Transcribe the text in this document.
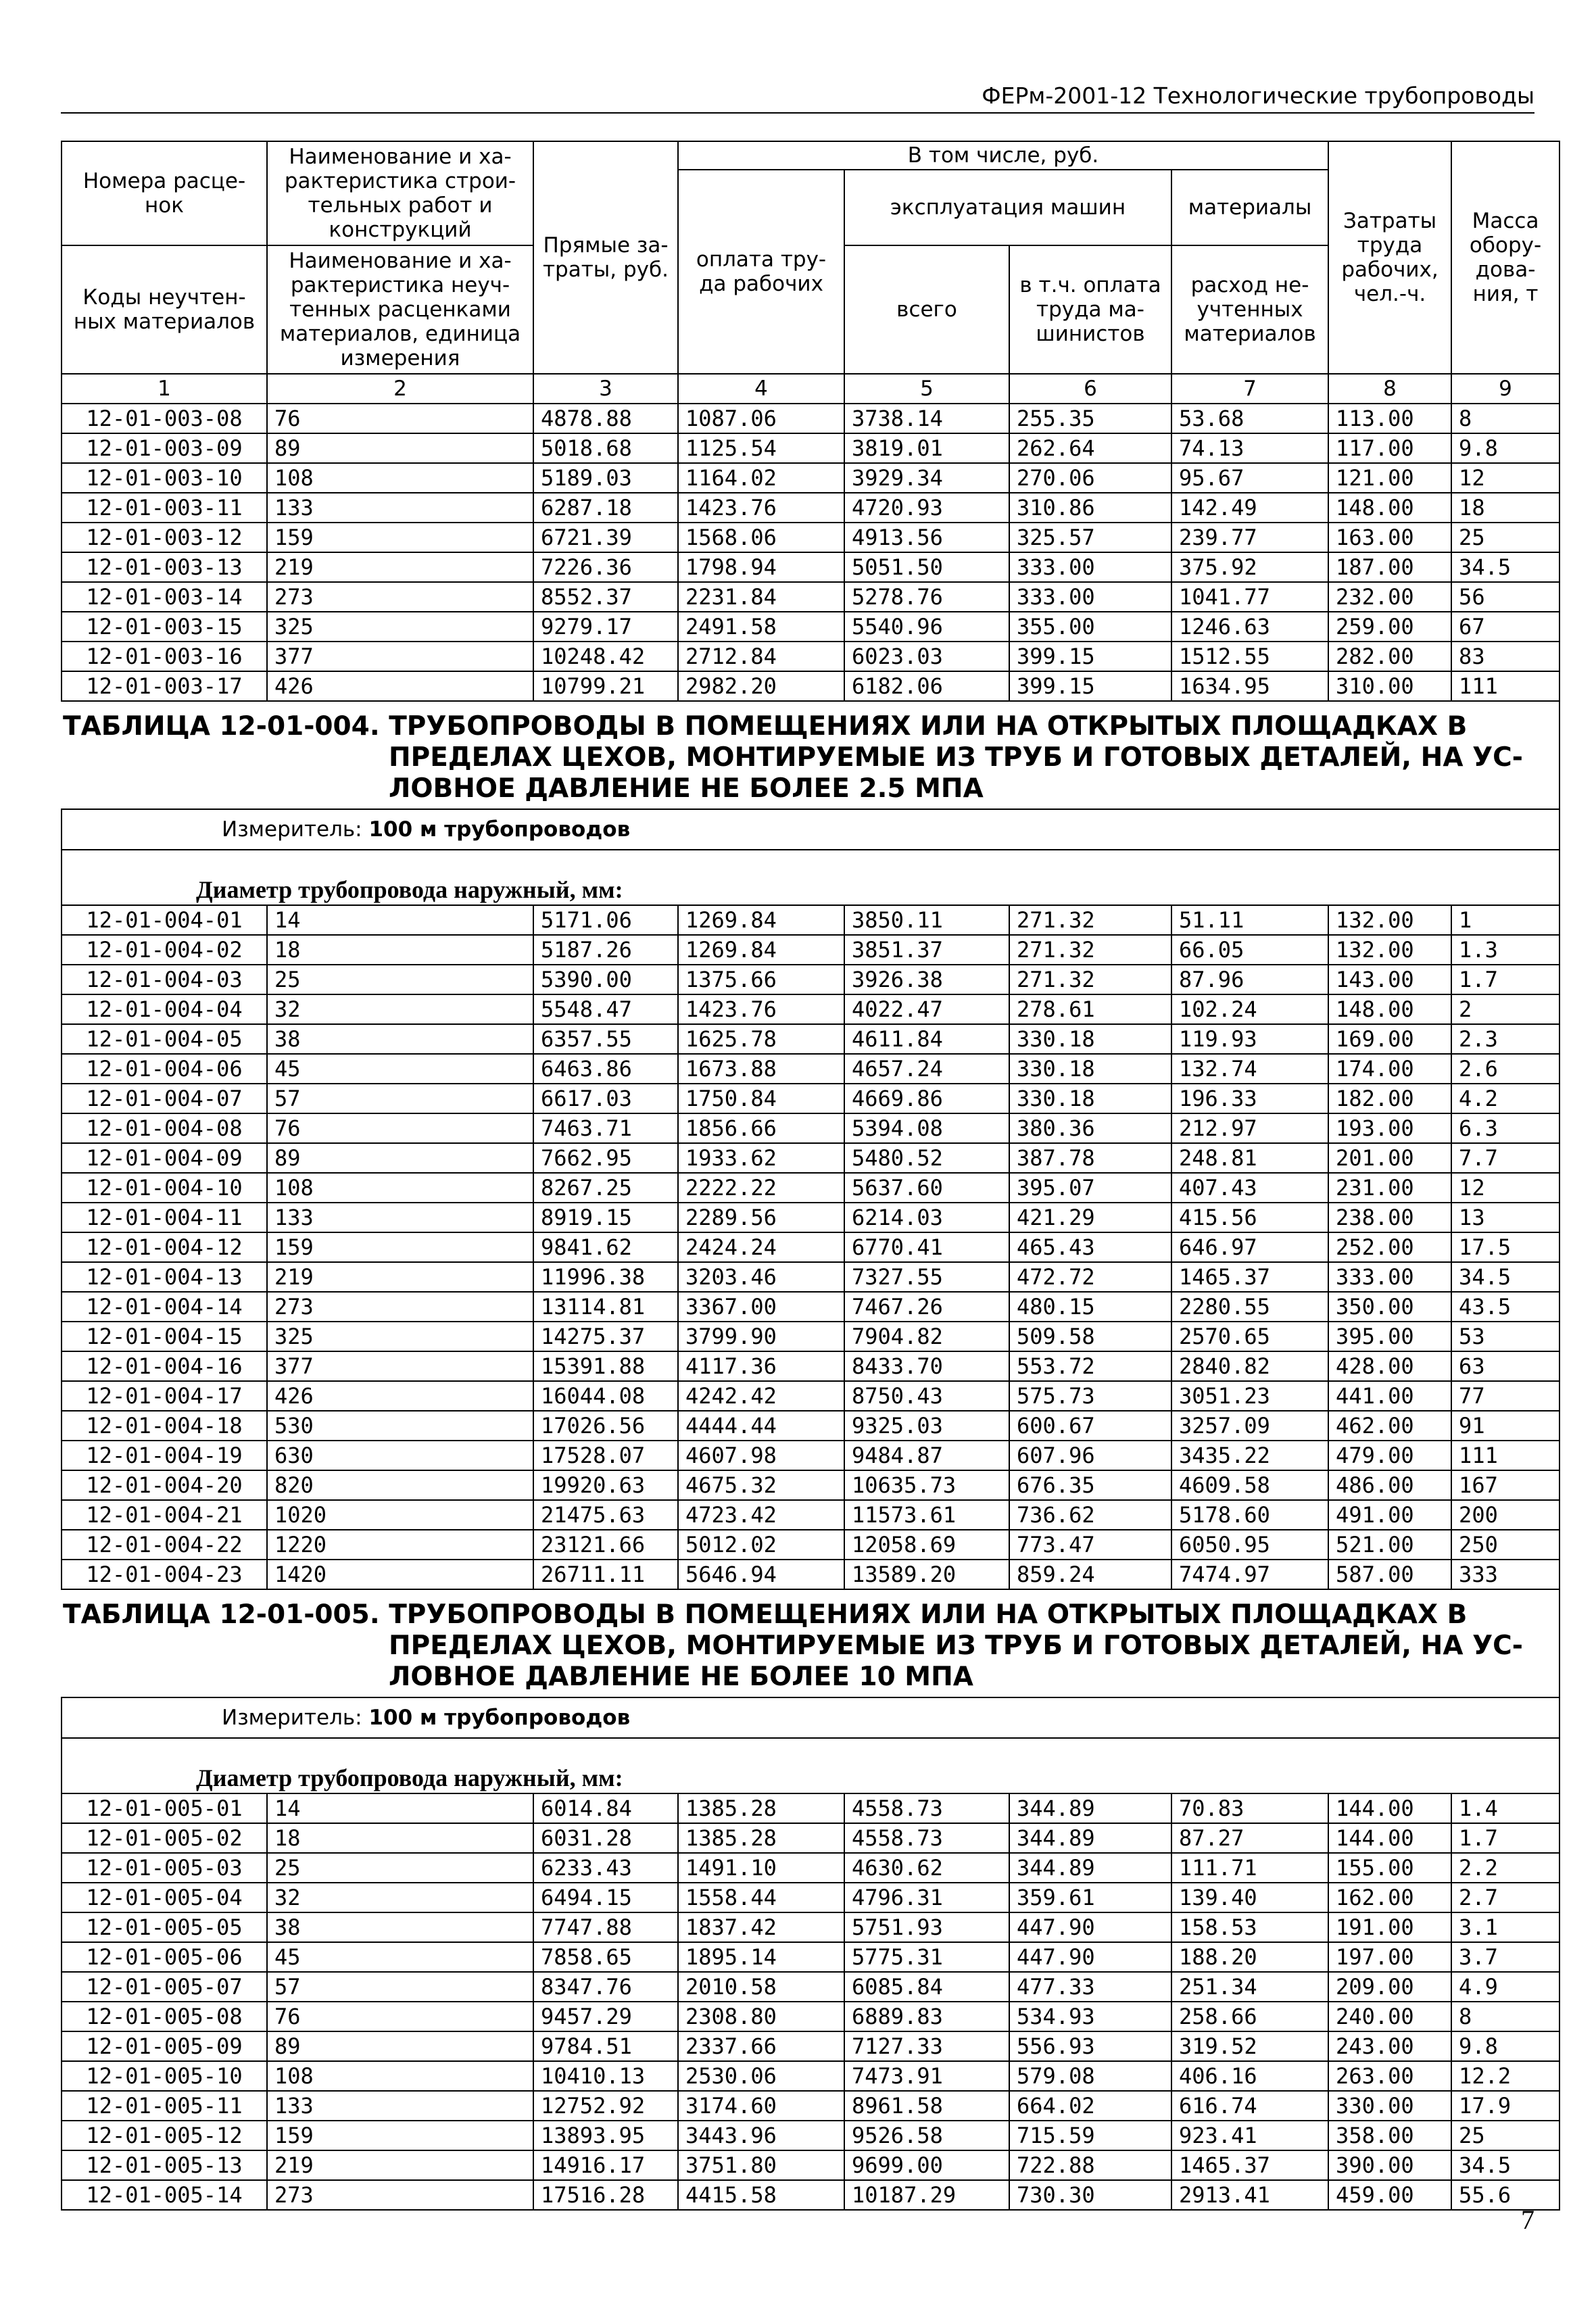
ФЕРм-2001-12 Технологические трубопроводы
Номера расце-нок	Наименование и ха-рактеристика строи-тельных работ и конструкций	Прямые за-траты, руб.	В том числе, руб.				Затраты труда рабочих, чел.-ч.	Масса обору-дова-ния, т
			оплата тру-да рабочих	эксплуатация машин		материалы		
Коды неучтен-ных материалов	Наименование и ха-рактеристика неуч-тенных расценками материалов, единица измерения			всего	в т.ч. оплата труда ма-шинистов	расход не-учтенных материалов		

1	2	3	4	5	6	7	8	9
12-01-003-08	76	4878.88	1087.06	3738.14	255.35	53.68	113.00	8
12-01-003-09	89	5018.68	1125.54	3819.01	262.64	74.13	117.00	9.8
12-01-003-10	108	5189.03	1164.02	3929.34	270.06	95.67	121.00	12
12-01-003-11	133	6287.18	1423.76	4720.93	310.86	142.49	148.00	18
12-01-003-12	159	6721.39	1568.06	4913.56	325.57	239.77	163.00	25
12-01-003-13	219	7226.36	1798.94	5051.50	333.00	375.92	187.00	34.5
12-01-003-14	273	8552.37	2231.84	5278.76	333.00	1041.77	232.00	56
12-01-003-15	325	9279.17	2491.58	5540.96	355.00	1246.63	259.00	67
12-01-003-16	377	10248.42	2712.84	6023.03	399.15	1512.55	282.00	83
12-01-003-17	426	10799.21	2982.20	6182.06	399.15	1634.95	310.00	111
ТАБЛИЦА 12-01-004. ТРУБОПРОВОДЫ В ПОМЕЩЕНИЯХ ИЛИ НА ОТКРЫТЫХ ПЛОЩАДКАХ В
ПРЕДЕЛАХ ЦЕХОВ, МОНТИРУЕМЫЕ ИЗ ТРУБ И ГОТОВЫХ ДЕТАЛЕЙ, НА УС-ЛОВНОЕ ДАВЛЕНИЕ НЕ БОЛЕЕ 2.5 МПА								

Измеритель: 100 м трубопроводов								
Диаметр трубопровода наружный, мм:								
12-01-004-01	14	5171.06	1269.84	3850.11	271.32	51.11	132.00	1
12-01-004-02	18	5187.26	1269.84	3851.37	271.32	66.05	132.00	1.3
12-01-004-03	25	5390.00	1375.66	3926.38	271.32	87.96	143.00	1.7
12-01-004-04	32	5548.47	1423.76	4022.47	278.61	102.24	148.00	2
12-01-004-05	38	6357.55	1625.78	4611.84	330.18	119.93	169.00	2.3
12-01-004-06	45	6463.86	1673.88	4657.24	330.18	132.74	174.00	2.6
12-01-004-07	57	6617.03	1750.84	4669.86	330.18	196.33	182.00	4.2
12-01-004-08	76	7463.71	1856.66	5394.08	380.36	212.97	193.00	6.3
12-01-004-09	89	7662.95	1933.62	5480.52	387.78	248.81	201.00	7.7
12-01-004-10	108	8267.25	2222.22	5637.60	395.07	407.43	231.00	12
12-01-004-11	133	8919.15	2289.56	6214.03	421.29	415.56	238.00	13
12-01-004-12	159	9841.62	2424.24	6770.41	465.43	646.97	252.00	17.5
12-01-004-13	219	11996.38	3203.46	7327.55	472.72	1465.37	333.00	34.5
12-01-004-14	273	13114.81	3367.00	7467.26	480.15	2280.55	350.00	43.5
12-01-004-15	325	14275.37	3799.90	7904.82	509.58	2570.65	395.00	53
12-01-004-16	377	15391.88	4117.36	8433.70	553.72	2840.82	428.00	63
12-01-004-17	426	16044.08	4242.42	8750.43	575.73	3051.23	441.00	77
12-01-004-18	530	17026.56	4444.44	9325.03	600.67	3257.09	462.00	91
12-01-004-19	630	17528.07	4607.98	9484.87	607.96	3435.22	479.00	111
12-01-004-20	820	19920.63	4675.32	10635.73	676.35	4609.58	486.00	167
12-01-004-21	1020	21475.63	4723.42	11573.61	736.62	5178.60	491.00	200
12-01-004-22	1220	23121.66	5012.02	12058.69	773.47	6050.95	521.00	250
12-01-004-23	1420	26711.11	5646.94	13589.20	859.24	7474.97	587.00	333
ТАБЛИЦА 12-01-005. ТРУБОПРОВОДЫ В ПОМЕЩЕНИЯХ ИЛИ НА ОТКРЫТЫХ ПЛОЩАДКАХ В
ПРЕДЕЛАХ ЦЕХОВ, МОНТИРУЕМЫЕ ИЗ ТРУБ И ГОТОВЫХ ДЕТАЛЕЙ, НА УС-ЛОВНОЕ ДАВЛЕНИЕ НЕ БОЛЕЕ 10 МПА								

Измеритель: 100 м трубопроводов								
Диаметр трубопровода наружный, мм:								
12-01-005-01	14	6014.84	1385.28	4558.73	344.89	70.83	144.00	1.4
12-01-005-02	18	6031.28	1385.28	4558.73	344.89	87.27	144.00	1.7
12-01-005-03	25	6233.43	1491.10	4630.62	344.89	111.71	155.00	2.2
12-01-005-04	32	6494.15	1558.44	4796.31	359.61	139.40	162.00	2.7
12-01-005-05	38	7747.88	1837.42	5751.93	447.90	158.53	191.00	3.1
12-01-005-06	45	7858.65	1895.14	5775.31	447.90	188.20	197.00	3.7
12-01-005-07	57	8347.76	2010.58	6085.84	477.33	251.34	209.00	4.9
12-01-005-08	76	9457.29	2308.80	6889.83	534.93	258.66	240.00	8
12-01-005-09	89	9784.51	2337.66	7127.33	556.93	319.52	243.00	9.8
12-01-005-10	108	10410.13	2530.06	7473.91	579.08	406.16	263.00	12.2
12-01-005-11	133	12752.92	3174.60	8961.58	664.02	616.74	330.00	17.9
12-01-005-12	159	13893.95	3443.96	9526.58	715.59	923.41	358.00	25
12-01-005-13	219	14916.17	3751.80	9699.00	722.88	1465.37	390.00	34.5
12-01-005-14	273	17516.28	4415.58	10187.29	730.30	2913.41	459.00	55.6
7
